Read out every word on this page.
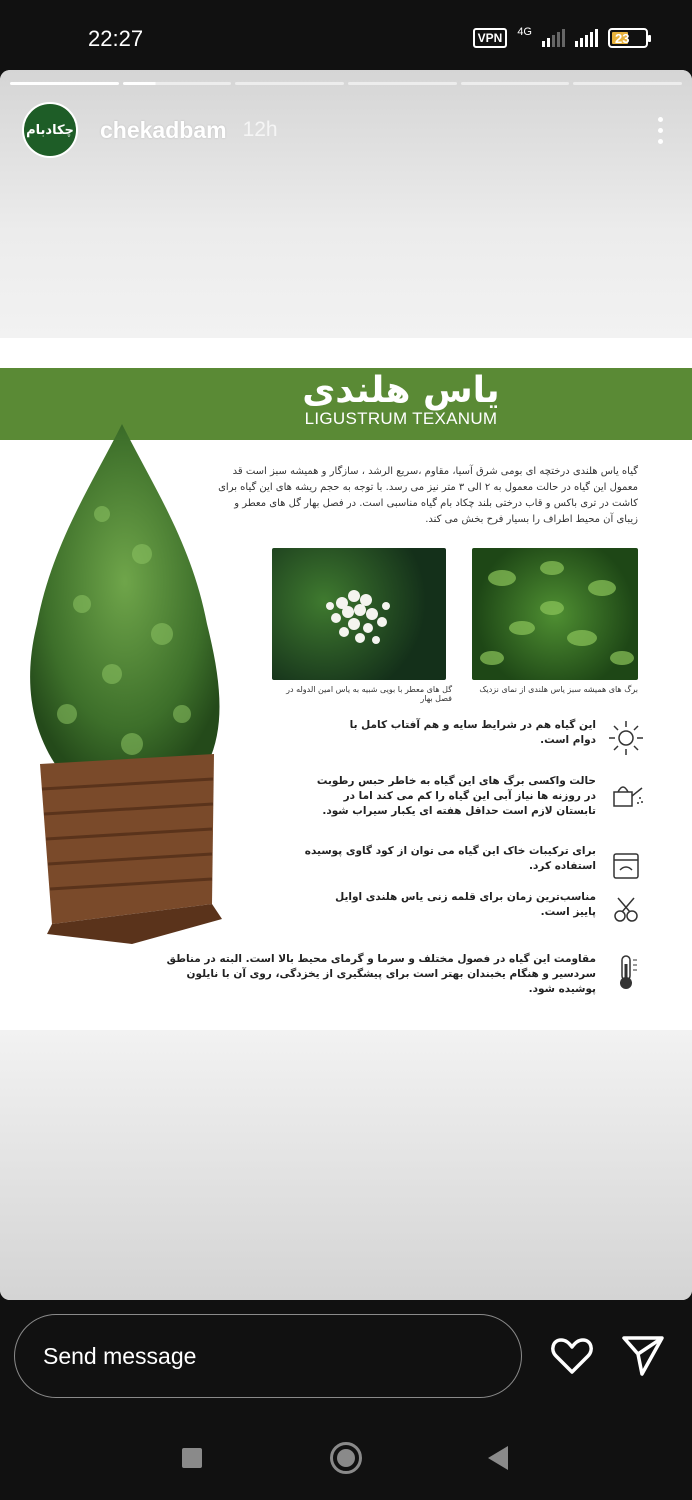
22:27	VPN	4G	23
چکادبام chekadbam 12h
یاس هلندی
LIGUSTRUM TEXANUM
گیاه یاس هلندی درختچه ای بومی شرق آسیا، مقاوم ،سریع الرشد ، سازگار و همیشه سبز است قد معمول این گیاه در حالت معمول به ۲ الی ۳ متر نیز می رسد. با توجه به حجم ریشه های این گیاه برای کاشت در تری باکس و قاب درختی بلند چکاد بام گیاه مناسبی است. در فصل بهار گل های معطر و زیبای آن محیط اطراف را بسیار فرح بخش می کند.
گل های معطر با بویی شبیه به یاس امین الدوله در فصل بهار
برگ های همیشه سبز یاس هلندی از نمای نزدیک
این گیاه هم در شرایط سایه و هم آفتاب کامل با دوام است.
حالت واکسی برگ های این گیاه به خاطر حبس رطوبت در روزنه ها نیاز آبی این گیاه را کم می کند اما در تابستان لازم است حداقل هفته ای یکبار سیراب شود.
برای ترکیبات خاک این گیاه می توان از کود گاوی پوسیده استفاده کرد.
مناسب‌ترین زمان برای قلمه زنی یاس هلندی اوایل پاییز است.
مقاومت این گیاه در فصول مختلف و سرما و گرمای محیط بالا است. البته در مناطق سردسیر و هنگام یخبندان بهتر است برای پیشگیری از یخزدگی، روی آن با نایلون پوشیده شود.
Send message
